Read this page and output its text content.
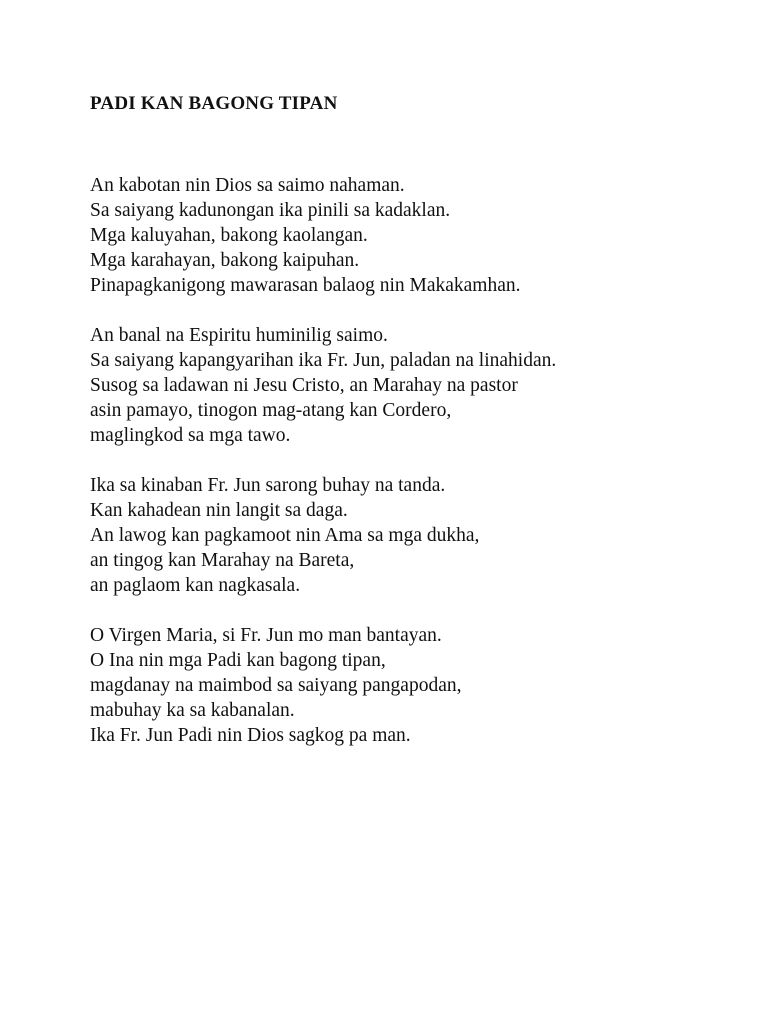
PADI KAN BAGONG TIPAN
An kabotan nin Dios sa saimo nahaman.
Sa saiyang kadunongan ika pinili sa kadaklan.
Mga kaluyahan, bakong kaolangan.
Mga karahayan, bakong kaipuhan.
Pinapagkanigong mawarasan balaog nin Makakamhan.
An banal na Espiritu huminilig saimo.
Sa saiyang kapangyarihan ika Fr. Jun, paladan na linahidan.
Susog sa ladawan ni Jesu Cristo, an Marahay na pastor
asin pamayo, tinogon mag-atang kan Cordero,
maglingkod sa mga tawo.
Ika sa kinaban Fr. Jun sarong buhay na tanda.
Kan kahadean nin langit sa daga.
An lawog kan pagkamoot nin Ama sa mga dukha,
an tingog kan Marahay na Bareta,
an paglaom kan nagkasala.
O Virgen Maria, si Fr. Jun mo man bantayan.
O Ina nin mga Padi kan bagong tipan,
magdanay na maimbod sa saiyang pangapodan,
mabuhay ka sa kabanalan.
Ika Fr. Jun Padi nin Dios sagkog pa man.
